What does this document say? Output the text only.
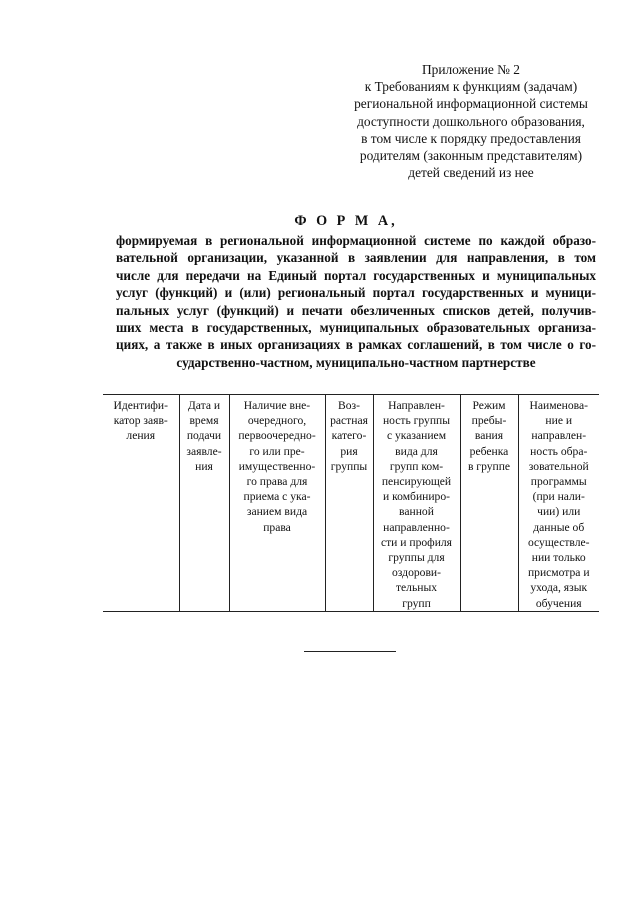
Приложение № 2
к Требованиям к функциям (задачам)
региональной информационной системы
доступности дошкольного образования,
в том числе к порядку предоставления
родителям (законным представителям)
детей сведений из нее
Ф О Р М А,
формируемая в региональной информационной системе по каждой образо-
вательной организации, указанной в заявлении для направления, в том
числе для передачи на Единый портал государственных и муниципальных
услуг (функций) и (или) региональный портал государственных и муници-
пальных услуг (функций) и печати обезличенных списков детей, получив-
ших места в государственных, муниципальных образовательных организа-
циях, а также в иных организациях в рамках соглашений, в том числе о го-
сударственно-частном, муниципально-частном партнерстве
Идентифи-
катор заяв-
ления

Дата и
время
подачи
заявле-
ния

Наличие вне-
очередного,
первоочередно-
го или пре-
имущественно-
го права для
приема с ука-
занием вида
права

Воз-
растная
катего-
рия
группы

Направлен-
ность группы
с указанием
вида для
групп ком-
пенсирующей
и комбиниро-
ванной
направленно-
сти и профиля
группы для
оздорови-
тельных
групп

Режим
пребы-
вания
ребенка
в группе

Наименова-
ние и
направлен-
ность обра-
зовательной
программы
(при нали-
чии) или
данные об
осуществле-
нии только
присмотра и
ухода, язык
обучения
